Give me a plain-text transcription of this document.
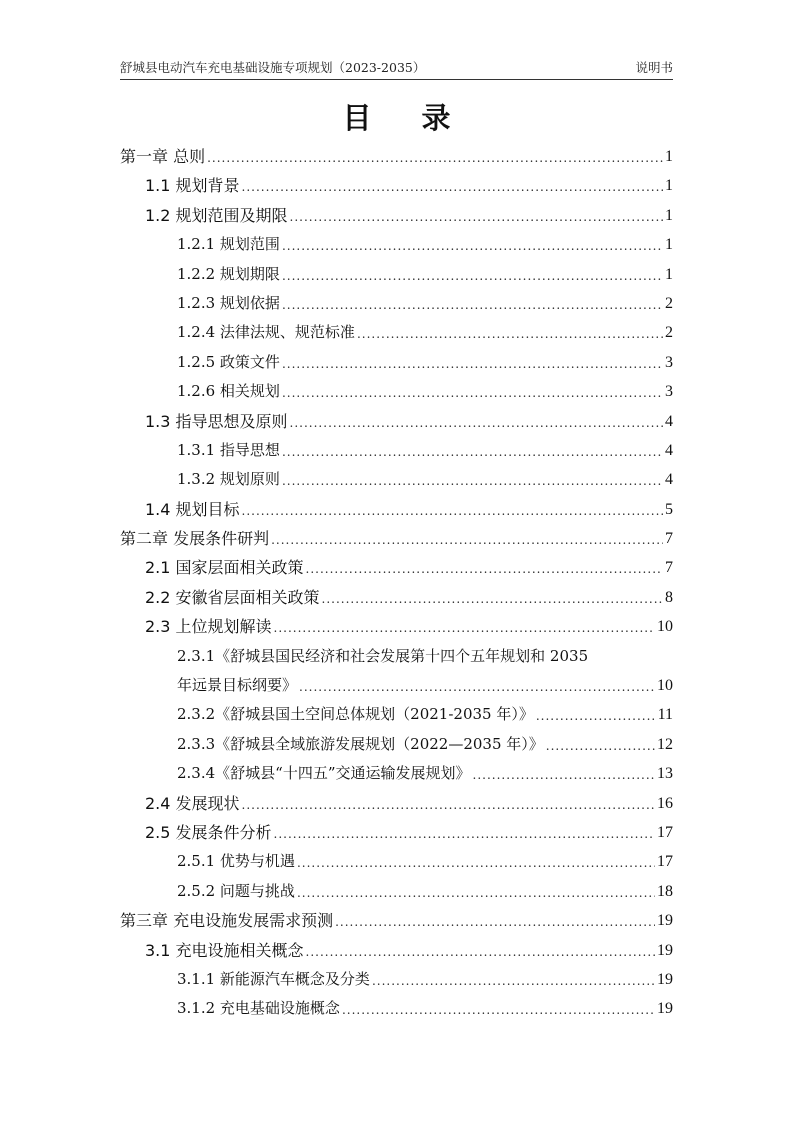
舒城县电动汽车充电基础设施专项规划（2023-2035）	说明书
目 录
第一章 总则 .....	1
1.1 规划背景 .....	1
1.2 规划范围及期限 .....	1
1.2.1 规划范围 .....	1
1.2.2 规划期限 .....	1
1.2.3 规划依据 .....	2
1.2.4 法律法规、规范标准 .....	2
1.2.5 政策文件 .....	3
1.2.6 相关规划 .....	3
1.3 指导思想及原则 .....	4
1.3.1 指导思想 .....	4
1.3.2 规划原则 .....	4
1.4 规划目标 .....	5
第二章 发展条件研判 .....	7
2.1 国家层面相关政策 .....	7
2.2 安徽省层面相关政策 .....	8
2.3 上位规划解读 .....	10
2.3.1《舒城县国民经济和社会发展第十四个五年规划和 2035
年远景目标纲要》 .....	10
2.3.2《舒城县国土空间总体规划（2021-2035 年）》 .....	11
2.3.3《舒城县全域旅游发展规划（2022—2035 年）》 .....	12
2.3.4《舒城县“十四五”交通运输发展规划》 .....	13
2.4 发展现状 .....	16
2.5 发展条件分析 .....	17
2.5.1 优势与机遇 .....	17
2.5.2 问题与挑战 .....	18
第三章 充电设施发展需求预测 .....	19
3.1 充电设施相关概念 .....	19
3.1.1 新能源汽车概念及分类 .....	19
3.1.2 充电基础设施概念 .....	19
